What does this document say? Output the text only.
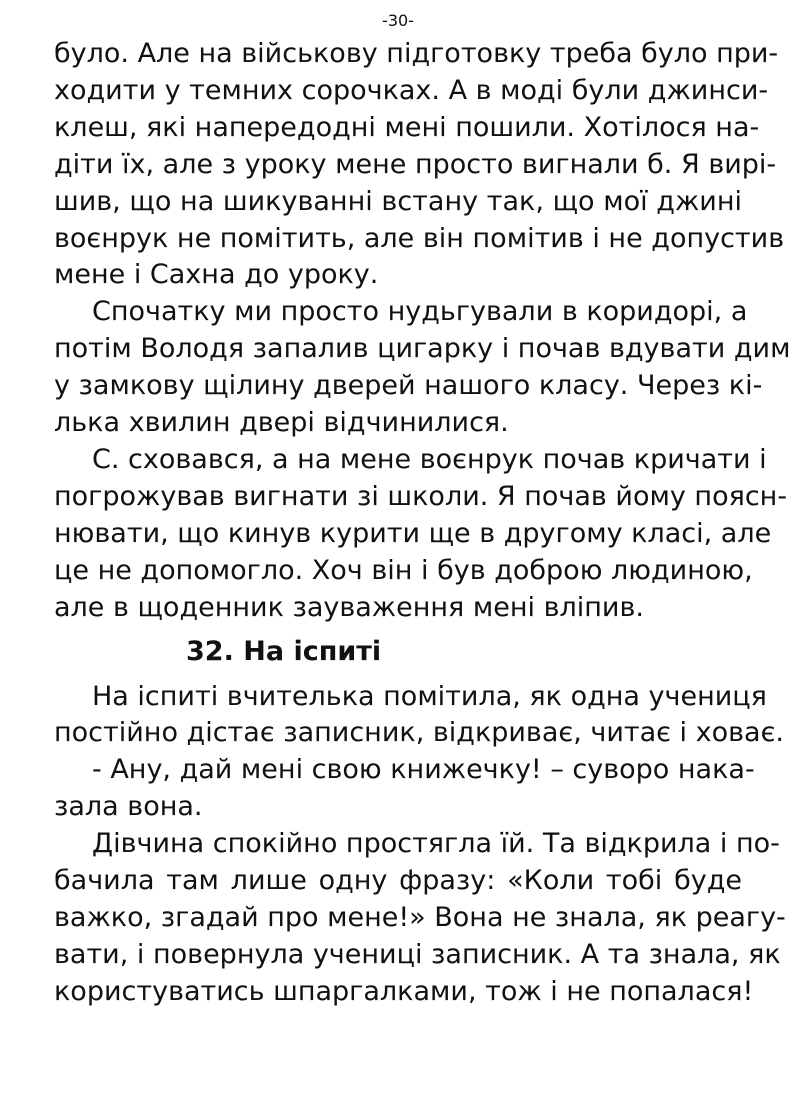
-30-
було. Але на військову підготовку треба було при-
ходити у темних сорочках. А в моді були джинси-
клеш, які напередодні мені пошили. Хотілося на-
діти їх, але з уроку мене просто вигнали б. Я вирі-
шив, що на шикуванні встану так, що мої джині
воєнрук не помітить, але він помітив і не допустив
мене і Сахна до уроку.
Спочатку ми просто нудьгували в коридорі, а
потім Володя запалив цигарку і почав вдувати дим
у замкову щілину дверей нашого класу. Через кі-
лька хвилин двері відчинилися.
С. сховався, а на мене воєнрук почав кричати і
погрожував вигнати зі школи. Я почав йому поясн-
нювати, що кинув курити ще в другому класі, але
це не допомогло. Хоч він і був доброю людиною,
але в щоденник зауваження мені вліпив.
32. На іспиті
На іспиті вчителька помітила, як одна учениця
постійно дістає записник, відкриває, читає і ховає.
- Ану, дай мені свою книжечку! – суворо нака-
зала вона.
Дівчина спокійно простягла їй. Та відкрила і по-
бачила там лише одну фразу: «Коли тобі буде
важко, згадай про мене!» Вона не знала, як реагу-
вати, і повернула учениці записник. А та знала, як
користуватись шпаргалками, тож і не попалася!
